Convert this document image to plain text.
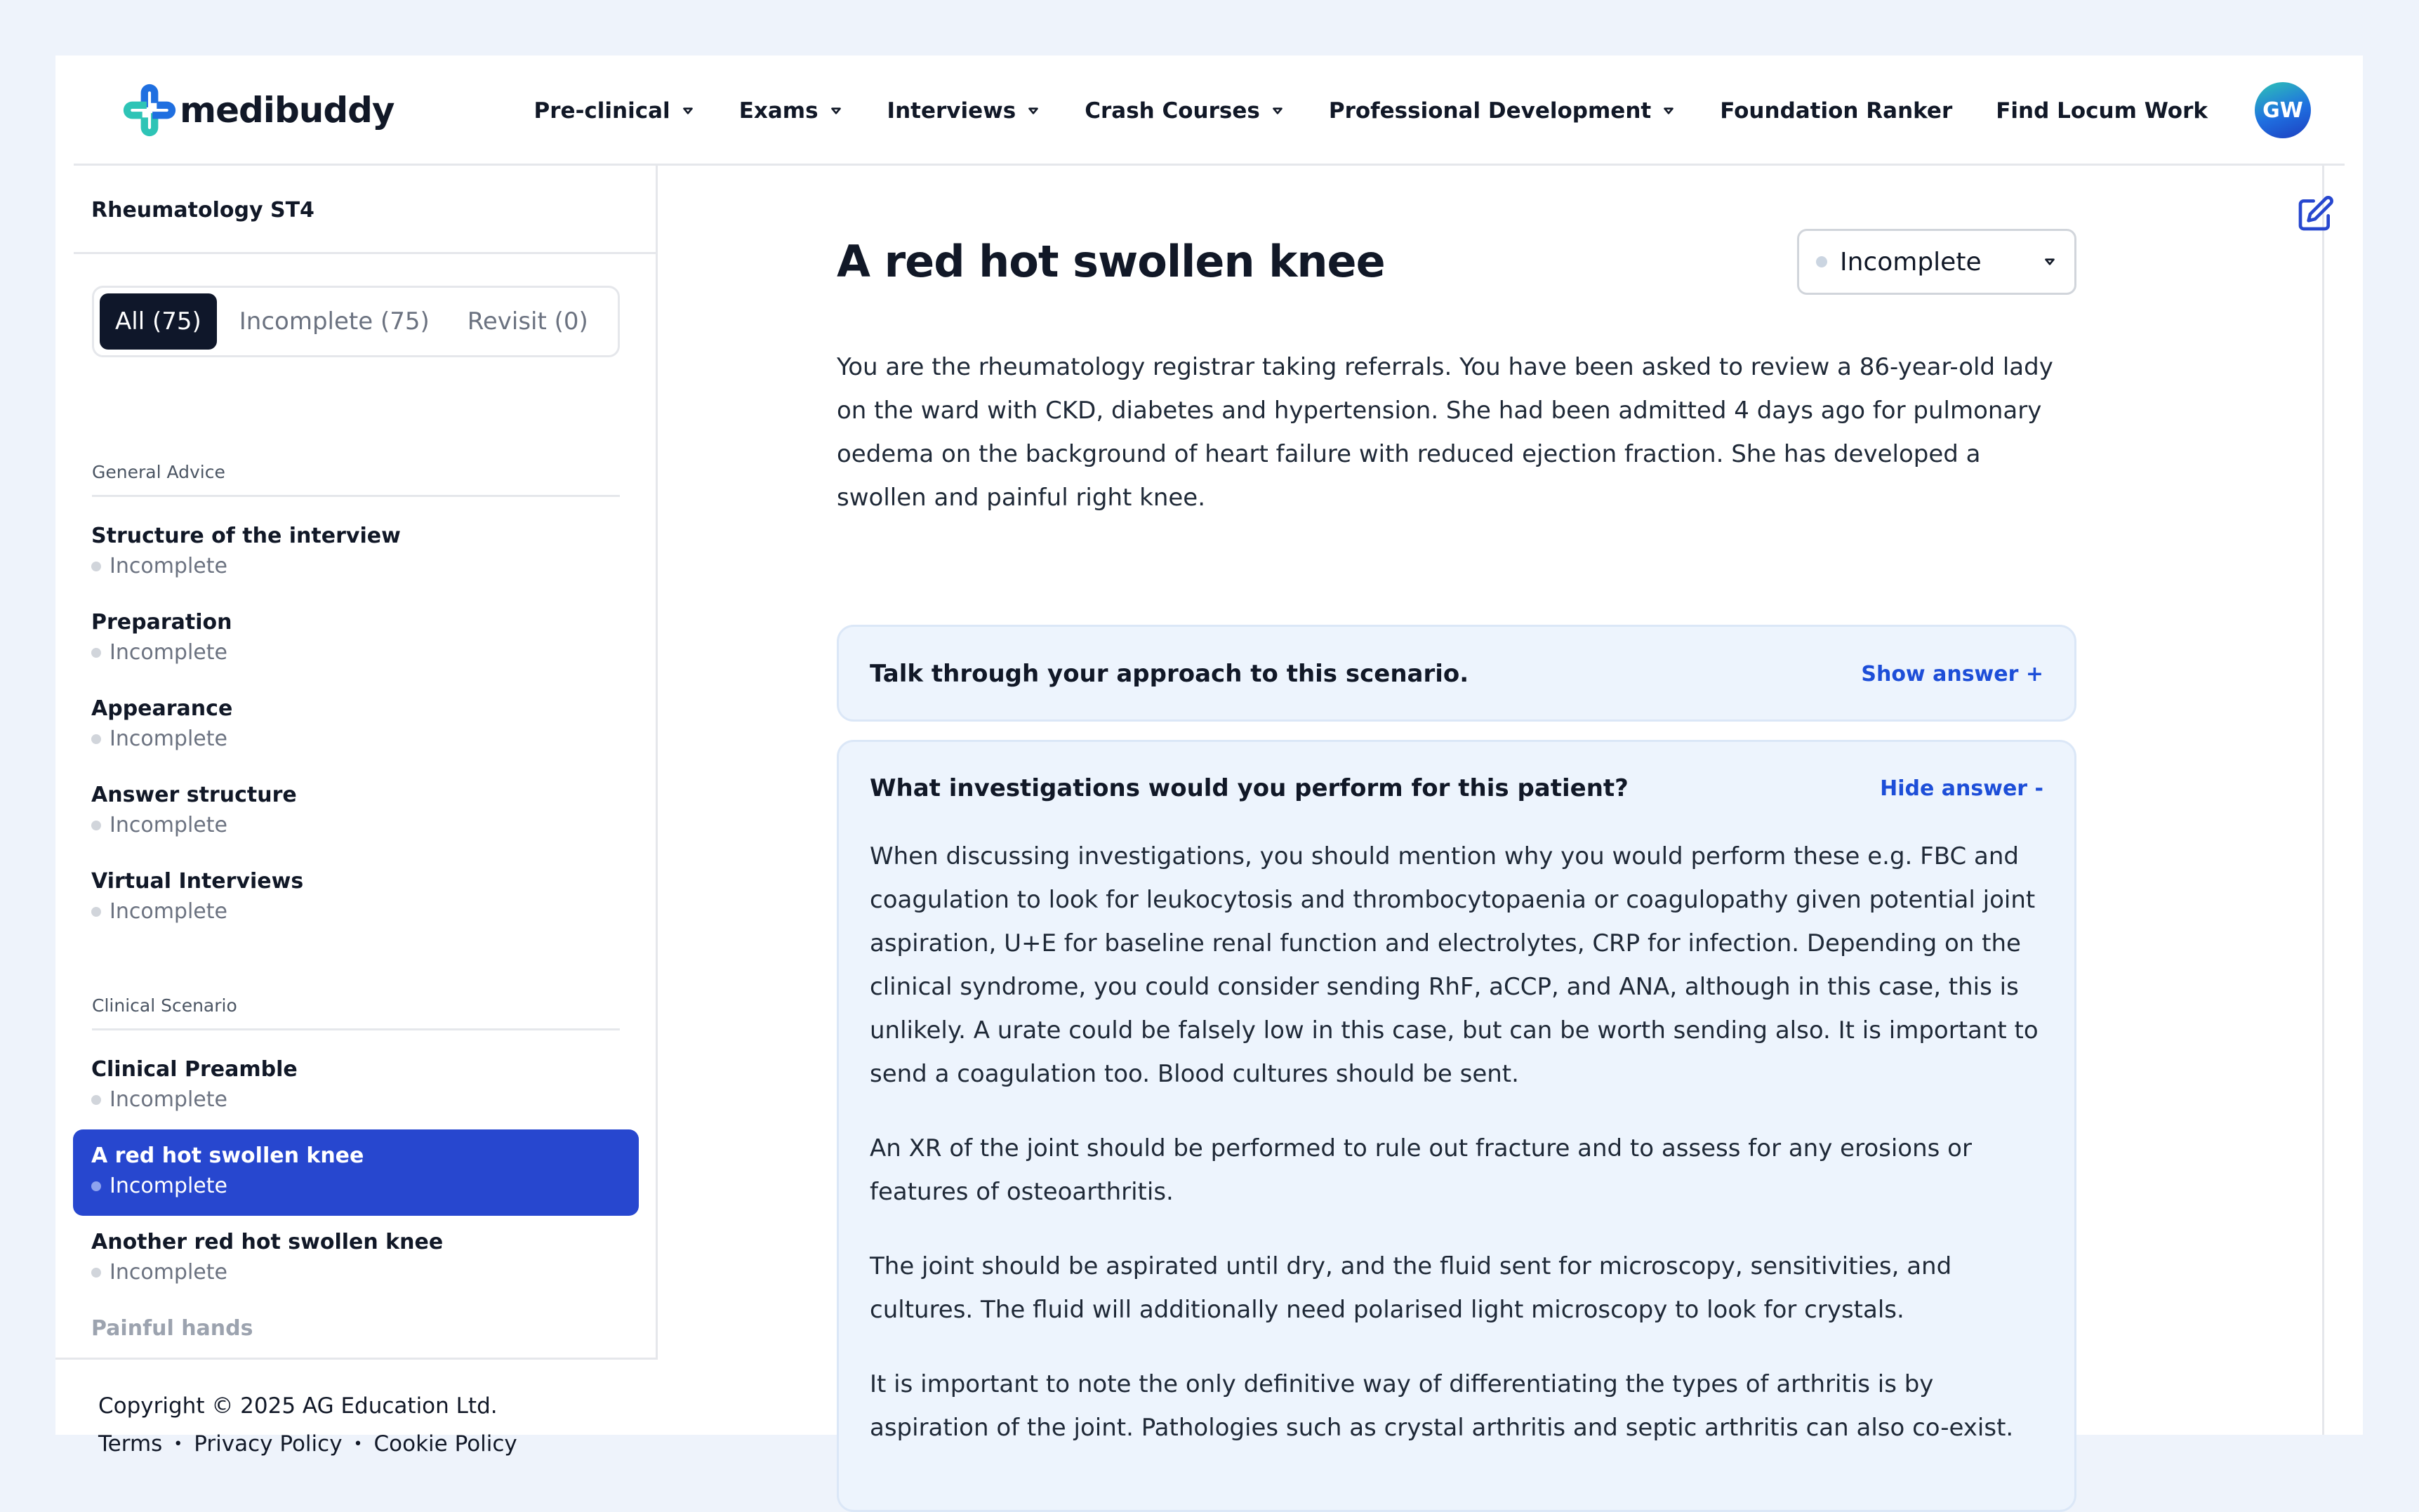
medibuddy	Pre-clinical	Exams	Interviews	Crash Courses	Professional Development	Foundation Ranker Find Locum Work	GW
Rheumatology ST4
All (75)	Incomplete (75)	Revisit (0)
General Advice
Structure of the interview
Incomplete
Preparation
Incomplete
Appearance
Incomplete
Answer structure
Incomplete
Virtual Interviews
Incomplete
Clinical Scenario
Clinical Preamble
Incomplete
A red hot swollen knee
Incomplete
Another red hot swollen knee
Incomplete
Painful hands
Copyright © 2025 AG Education Ltd.
Terms • Privacy Policy • Cookie Policy
A red hot swollen knee	Incomplete

You are the rheumatology registrar taking referrals. You have been asked to review a 86-year-old lady on the ward with CKD, diabetes and hypertension. She had been admitted 4 days ago for pulmonary oedema on the background of heart failure with reduced ejection fraction. She has developed a swollen and painful right knee.

Talk through your approach to this scenario.	Show answer +
What investigations would you perform for this patient?	Hide answer -

When discussing investigations, you should mention why you would perform these e.g. FBC and coagulation to look for leukocytosis and thrombocytopaenia or coagulopathy given potential joint aspiration, U+E for baseline renal function and electrolytes, CRP for infection. Depending on the clinical syndrome, you could consider sending RhF, aCCP, and ANA, although in this case, this is unlikely. A urate could be falsely low in this case, but can be worth sending also. It is important to send a coagulation too. Blood cultures should be sent.

An XR of the joint should be performed to rule out fracture and to assess for any erosions or features of osteoarthritis.

The joint should be aspirated until dry, and the fluid sent for microscopy, sensitivities, and cultures. The fluid will additionally need polarised light microscopy to look for crystals.

It is important to note the only definitive way of differentiating the types of arthritis is by aspiration of the joint. Pathologies such as crystal arthritis and septic arthritis can also co-exist.
